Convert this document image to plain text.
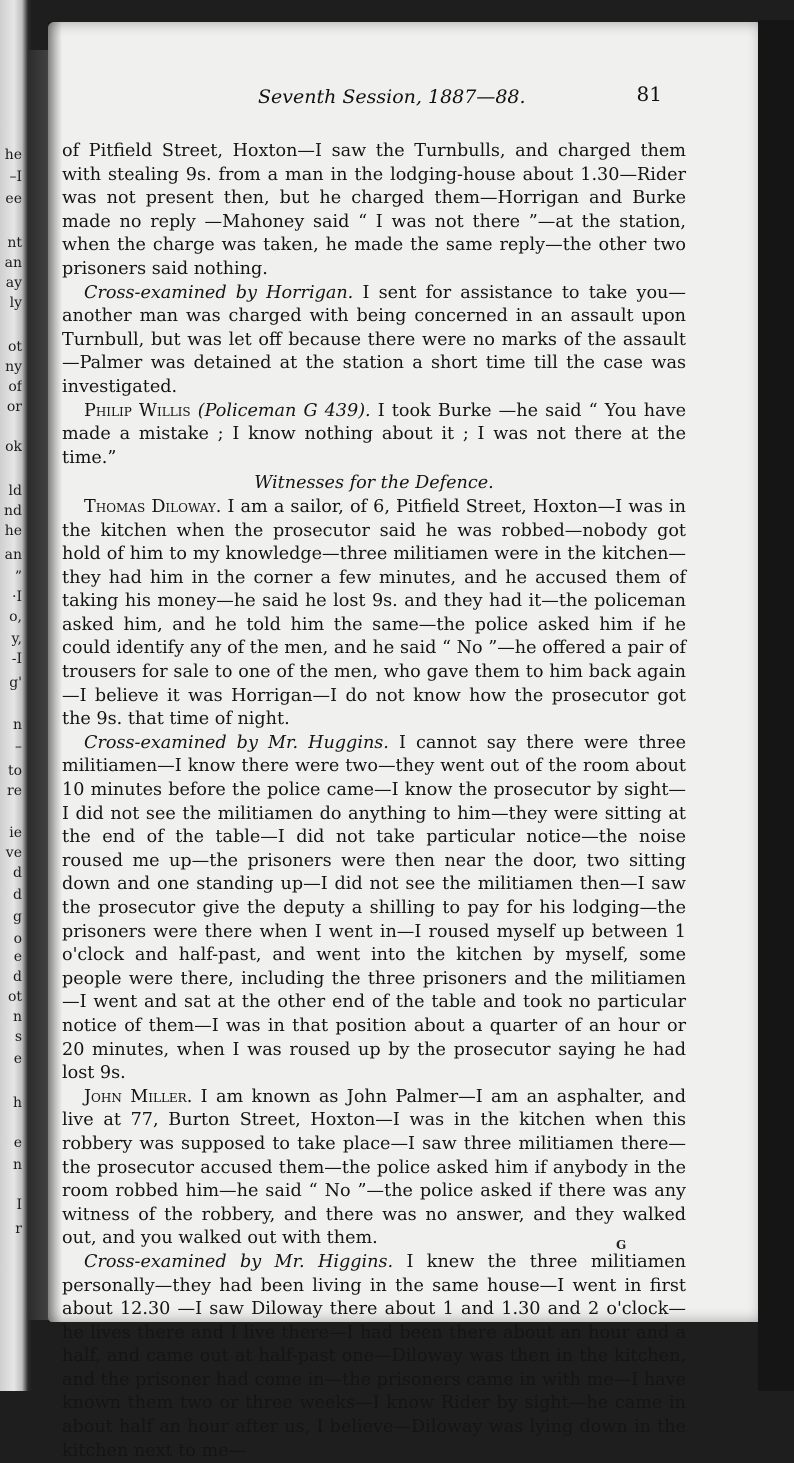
he
–I
ee
nt
an
ay
ly
ot
ny
of
or
ok
ld
nd
he
an
”
·I
o,
y,
-I
g'
n
–
to
re
ie
ve
d
d
g
o
e
d
ot
n
s
e
h
e
n
I
r
Seventh Session, 1887—88.	81

of Pitfield Street, Hoxton—I saw the Turnbulls, and charged them with stealing 9s. from a man in the lodging-house about 1.30—Rider was not present then, but he charged them—Horrigan and Burke made no reply —Mahoney said “ I was not there ”—at the station, when the charge was taken, he made the same reply—the other two prisoners said nothing.

Cross-examined by Horrigan. I sent for assistance to take you—another man was charged with being concerned in an assault upon Turnbull, but was let off because there were no marks of the assault—Palmer was detained at the station a short time till the case was investigated.

Philip Willis (Policeman G 439). I took Burke —he said “ You have made a mistake ; I know nothing about it ; I was not there at the time.”

Witnesses for the Defence.

Thomas Diloway. I am a sailor, of 6, Pitfield Street, Hoxton—I was in the kitchen when the prosecutor said he was robbed—nobody got hold of him to my knowledge—three militiamen were in the kitchen—they had him in the corner a few minutes, and he accused them of taking his money—he said he lost 9s. and they had it—the policeman asked him, and he told him the same—the police asked him if he could identify any of the men, and he said “ No ”—he offered a pair of trousers for sale to one of the men, who gave them to him back again—I believe it was Horrigan—I do not know how the prosecutor got the 9s. that time of night.

Cross-examined by Mr. Huggins. I cannot say there were three militiamen—I know there were two—they went out of the room about 10 minutes before the police came—I know the prosecutor by sight—I did not see the militiamen do anything to him—they were sitting at the end of the table—I did not take particular notice—the noise roused me up—the prisoners were then near the door, two sitting down and one standing up—I did not see the militiamen then—I saw the prosecutor give the deputy a shilling to pay for his lodging—the prisoners were there when I went in—I roused myself up between 1 o'clock and half-past, and went into the kitchen by myself, some people were there, including the three prisoners and the militiamen—I went and sat at the other end of the table and took no particular notice of them—I was in that position about a quarter of an hour or 20 minutes, when I was roused up by the prosecutor saying he had lost 9s.

John Miller. I am known as John Palmer—I am an asphalter, and live at 77, Burton Street, Hoxton—I was in the kitchen when this robbery was supposed to take place—I saw three militiamen there—the prosecutor accused them—the police asked him if anybody in the room robbed him—he said “ No ”—the police asked if there was any witness of the robbery, and there was no answer, and they walked out, and you walked out with them.

Cross-examined by Mr. Higgins. I knew the three militiamen personally—they had been living in the same house—I went in first about 12.30 —I saw Diloway there about 1 and 1.30 and 2 o'clock—he lives there and I live there—I had been there about an hour and a half, and came out at half-past one—Diloway was then in the kitchen, and the prisoner had come in—the prisoners came in with me—I have known them two or three weeks—I know Rider by sight—he came in about half an hour after us, I believe—Diloway was lying down in the kitchen next to me—

G
